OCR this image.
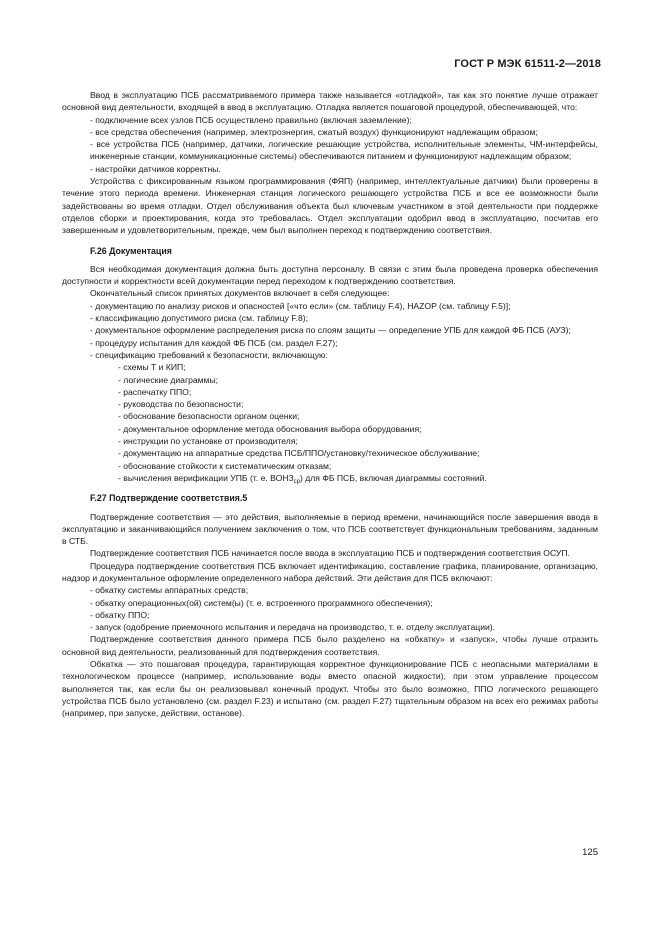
ГОСТ Р МЭК 61511-2—2018

Ввод в эксплуатацию ПСБ рассматриваемого примера также называется «отладкой», так как это понятие лучше отражает основной вид деятельности, входящей в ввод в эксплуатацию. Отладка является пошаговой процедурой, обеспечивающей, что:

- подключение всех узлов ПСБ осуществлено правильно (включая заземление);

- все средства обеспечения (например, электроэнергия, сжатый воздух) функционируют надлежащим образом;

- все устройства ПСБ (например, датчики, логические решающие устройства, исполнительные элементы, ЧМ-интерфейсы, инженерные станции, коммуникационные системы) обеспечиваются питанием и функционируют надлежащим образом;

- настройки датчиков корректны.

Устройства с фиксированным языком программирования (ФЯП) (например, интеллектуальные датчики) были проверены в течение этого периода времени. Инженерная станция логического решающего устройства ПСБ и все ее возможности были задействованы во время отладки. Отдел обслуживания объекта был ключевым участником в этой деятельности при поддержке отделов сборки и проектирования, когда это требовалась. Отдел эксплуатации одобрил ввод в эксплуатацию, посчитав его завершенным и удовлетворительным, прежде, чем был выполнен переход к подтверждению соответствия.

F.26 Документация

Вся необходимая документация должна быть доступна персоналу. В связи с этим была проведена проверка обеспечения доступности и корректности всей документации перед переходом к подтверждению соответствия.

Окончательный список принятых документов включает в себя следующее:

- документацию по анализу рисков и опасностей [«что если» (см. таблицу F.4), HAZOP (см. таблицу F.5)];

- классификацию допустимого риска (см. таблицу F.8);

- документальное оформление распределения риска по слоям защиты — определение УПБ для каждой ФБ ПСБ (АУЗ);

- процедуру испытания для каждой ФБ ПСБ (см. раздел F.27);

- спецификацию требований к безопасности, включающую:

- схемы Т и КИП;

- логические диаграммы;

- распечатку ППО;

- руководства по безопасности;

- обоснование безопасности органом оценки;

- документальное оформление метода обоснования выбора оборудования;

- инструкции по установке от производителя;

- документацию на аппаратные средства ПСБ/ППО/установку/техническое обслуживание;

- обоснование стойкости к систематическим отказам;

- вычисления верификации УПБ (т. е. $ВОНЗ_{ср}$) для ФБ ПСБ, включая диаграммы состояний.

F.27 Подтверждение соответствия.5

Подтверждение соответствия — это действия, выполняемые в период времени, начинающийся после завершения ввода в эксплуатацию и заканчивающийся получением заключения о том, что ПСБ соответствует функциональным требованиям, заданным в СТБ.

Подтверждение соответствия ПСБ начинается после ввода в эксплуатацию ПСБ и подтверждения соответствия ОСУП.

Процедура подтверждение соответствия ПСБ включает идентификацию, составление графика, планирование, организацию, надзор и документальное оформление определенного набора действий. Эти действия для ПСБ включают:

- обкатку системы аппаратных средств;

- обкатку операционных(ой) систем(ы) (т. е. встроенного программного обеспечения);

- обкатку ППО;

- запуск (одобрение приемочного испытания и передача на производство, т. е. отделу эксплуатации).

Подтверждение соответствия данного примера ПСБ было разделено на «обкатку» и «запуск», чтобы лучше отразить основной вид деятельности, реализованный для подтверждения соответствия.

Обкатка — это пошаговая процедура, гарантирующая корректное функционирование ПСБ с неопасными материалами в технологическом процессе (например, использование воды вместо опасной жидкости), при этом управление процессом выполняется так, как если бы он реализовывал конечный продукт. Чтобы это было возможно, ППО логического решающего устройства ПСБ было установлено (см. раздел F.23) и испытано (см. раздел F.27) тщательным образом на всех его режимах работы (например, при запуске, действии, останове).

125
